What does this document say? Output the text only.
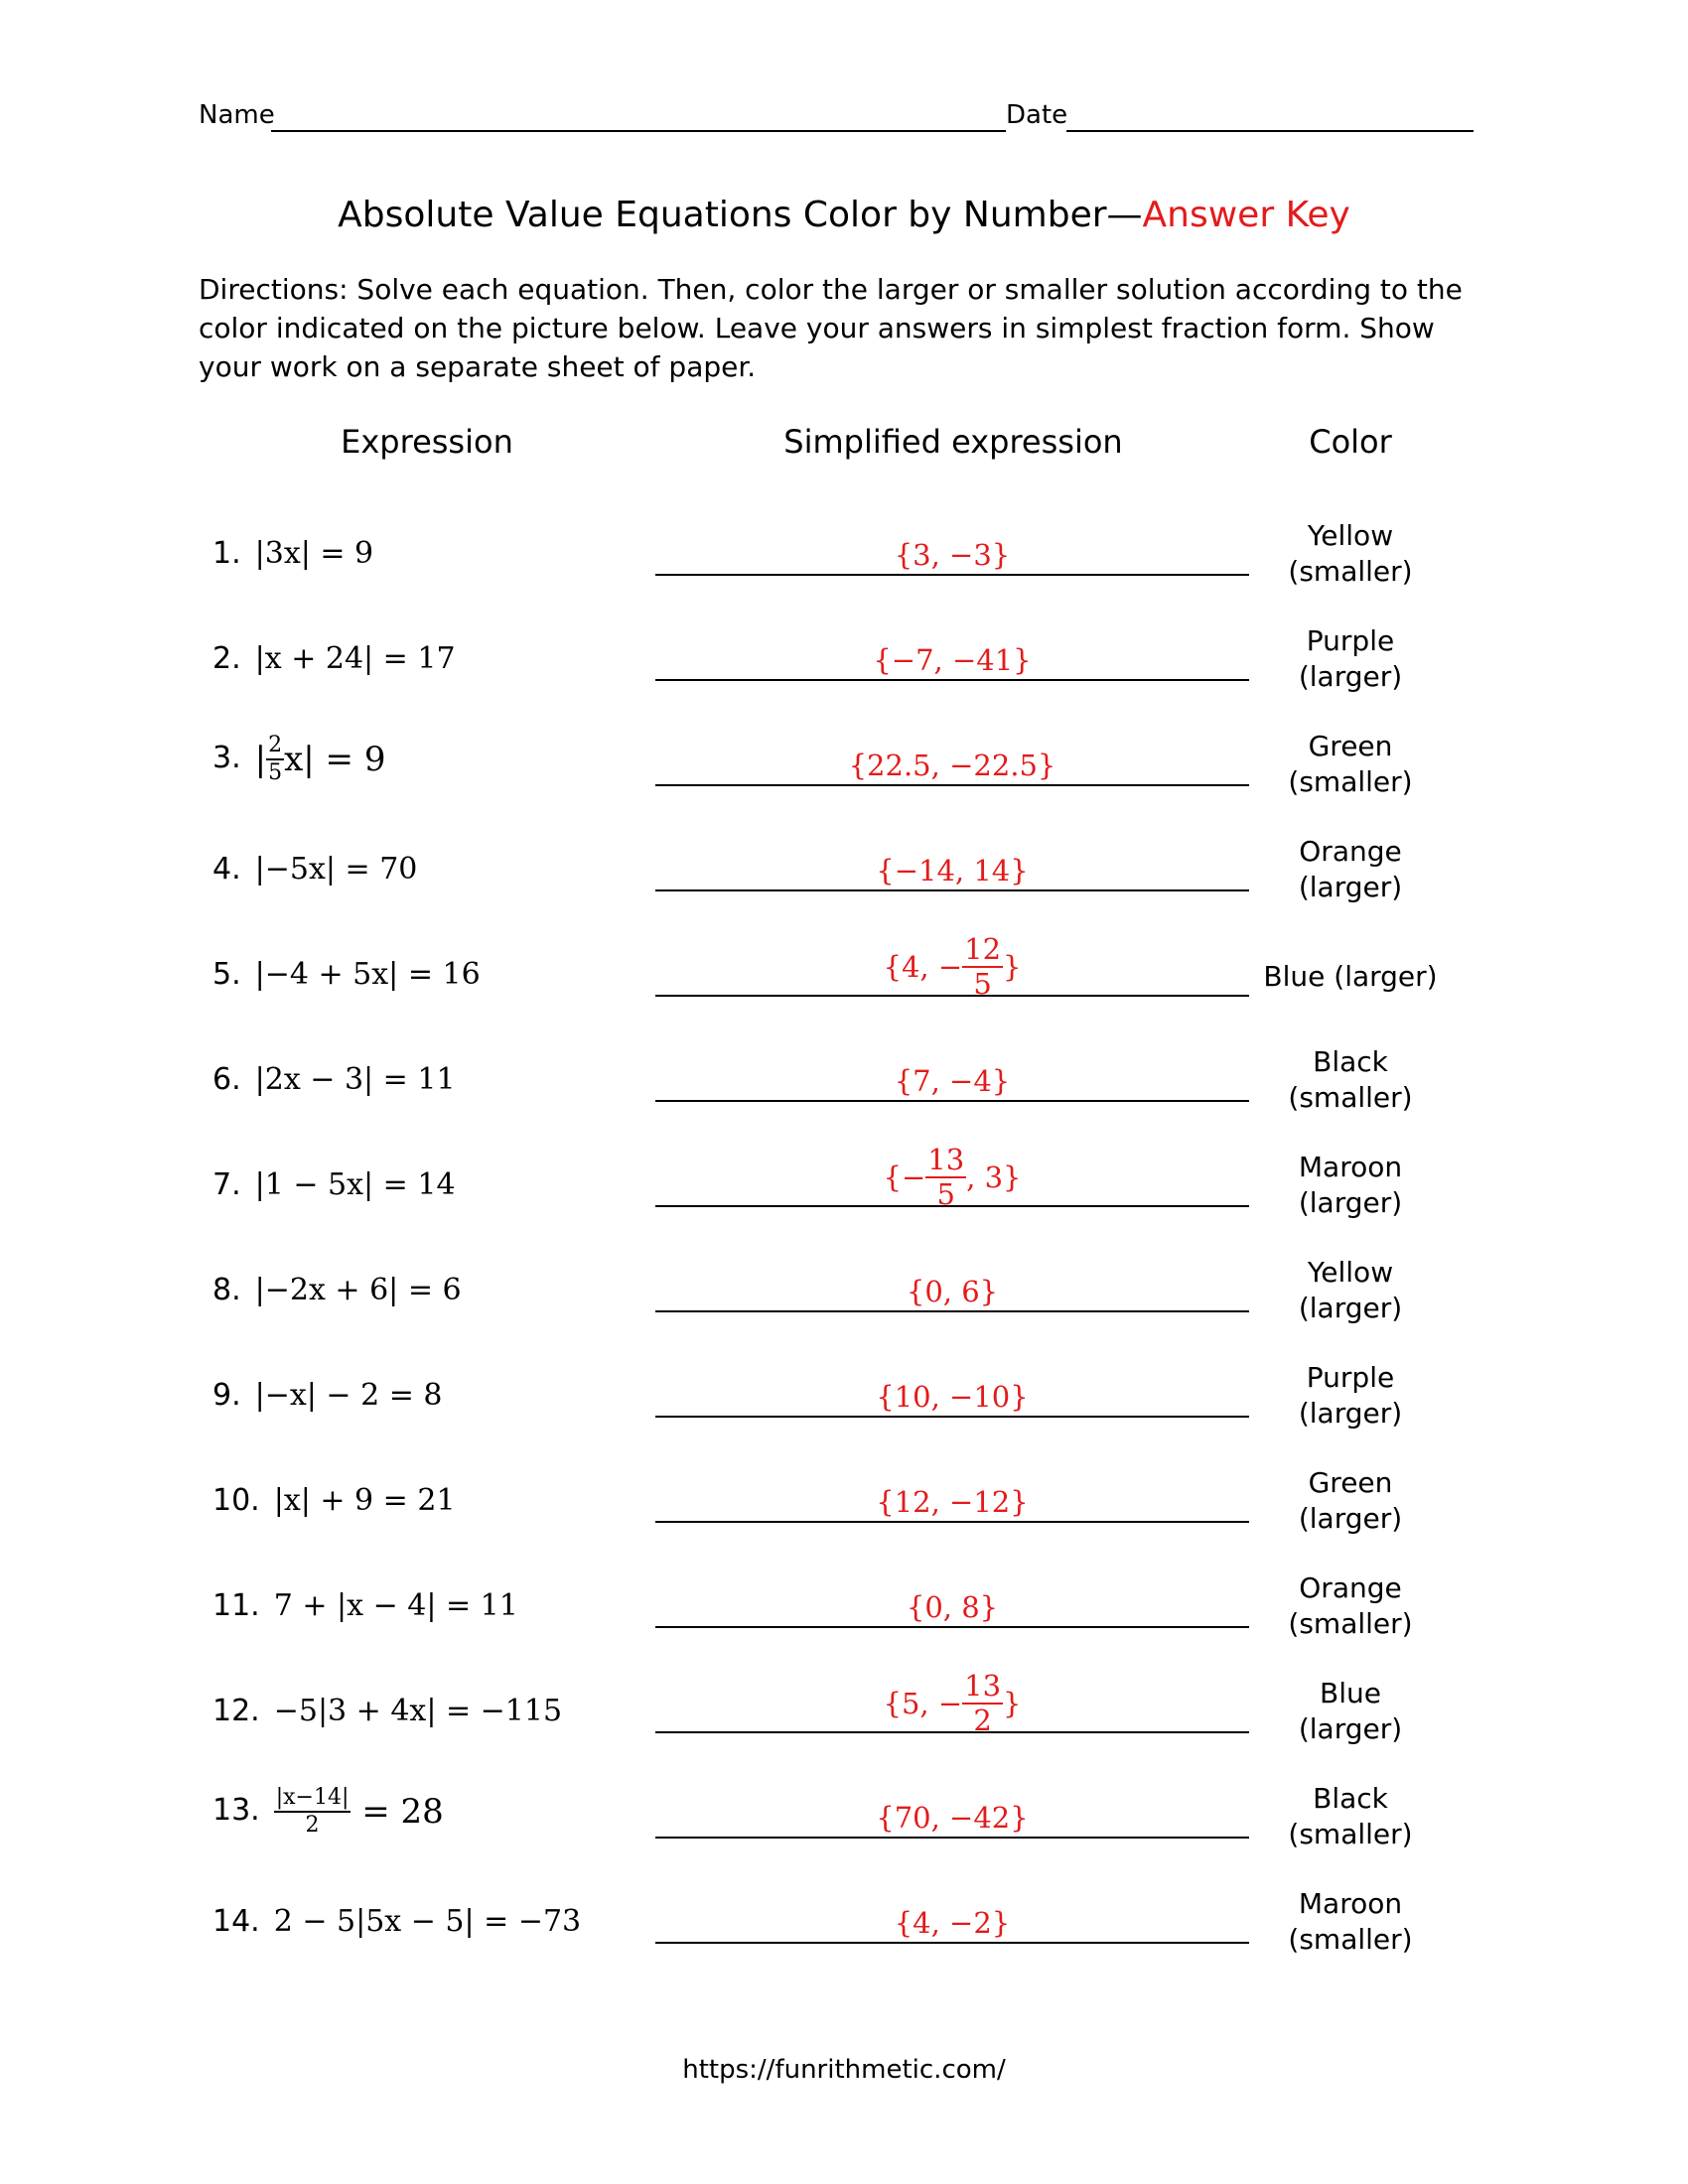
Name	Date
Absolute Value Equations Color by Number—Answer Key
Directions: Solve each equation. Then, color the larger or smaller solution according to the color indicated on the picture below. Leave your answers in simplest fraction form. Show your work on a separate sheet of paper.
Expression	Simplified expression	Color
1. |3x| = 9	{3, −3}
Yellow
(smaller)
2. |x + 24| = 17	{−7, −41}
Purple
(larger)
3. | $\frac{2}{5} x| = 9$	{22.5, −22.5}
Green
(smaller)
4. |−5x| = 70	{−14, 14}
Orange
(larger)
5. |−4 + 5x| = 16	{4, − $\frac{12}{5}$ }	Blue (larger)
6. |2x − 3| = 11	{7, −4}
Black
(smaller)
7. |1 − 5x| = 14	{− $\frac{13}{5}$ , 3}	Maroon
(larger)
8. |−2x + 6| = 6	{0, 6}
Yellow
(larger)
9. |−x| − 2 = 8	{10, −10}
Purple
(larger)
10. |x| + 9 = 21	{12, −12}
Green
(larger)
11. 7 + |x − 4| = 11	{0, 8}
Orange
(smaller)
12. −5|3 + 4x| = −115	{5, − $\frac{13}{2}$ }	Blue
(larger)
13. $\frac{|x-14|}{2} = 28$	{70, −42}
Black
(smaller)
14. 2 − 5|5x − 5| = −73	{4, −2}
Maroon
(smaller)
https://funrithmetic.com/
